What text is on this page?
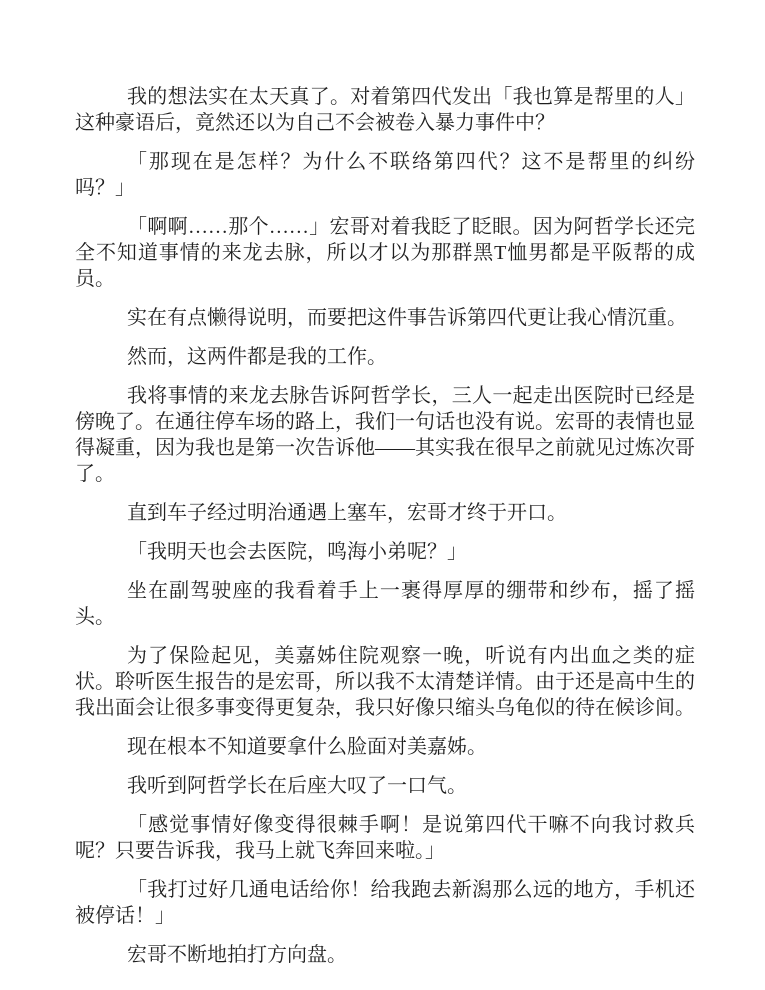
我的想法实在太天真了。对着第四代发出「我也算是帮里的人」这种豪语后，竟然还以为自己不会被卷入暴力事件中？

「那现在是怎样？为什么不联络第四代？这不是帮里的纠纷吗？」

「啊啊……那个……」宏哥对着我眨了眨眼。因为阿哲学长还完全不知道事情的来龙去脉，所以才以为那群黑T恤男都是平阪帮的成员。

实在有点懒得说明，而要把这件事告诉第四代更让我心情沉重。

然而，这两件都是我的工作。

我将事情的来龙去脉告诉阿哲学长，三人一起走出医院时已经是傍晚了。在通往停车场的路上，我们一句话也没有说。宏哥的表情也显得凝重，因为我也是第一次告诉他——其实我在很早之前就见过炼次哥了。

直到车子经过明治通遇上塞车，宏哥才终于开口。

「我明天也会去医院，鸣海小弟呢？」

坐在副驾驶座的我看着手上一裹得厚厚的绷带和纱布，摇了摇头。

为了保险起见，美嘉姊住院观察一晚，听说有内出血之类的症状。聆听医生报告的是宏哥，所以我不太清楚详情。由于还是高中生的我出面会让很多事变得更复杂，我只好像只缩头乌龟似的待在候诊间。

现在根本不知道要拿什么脸面对美嘉姊。

我听到阿哲学长在后座大叹了一口气。

「感觉事情好像变得很棘手啊！是说第四代干嘛不向我讨救兵呢？只要告诉我，我马上就飞奔回来啦。」

「我打过好几通电话给你！给我跑去新潟那么远的地方，手机还被停话！」

宏哥不断地拍打方向盘。
